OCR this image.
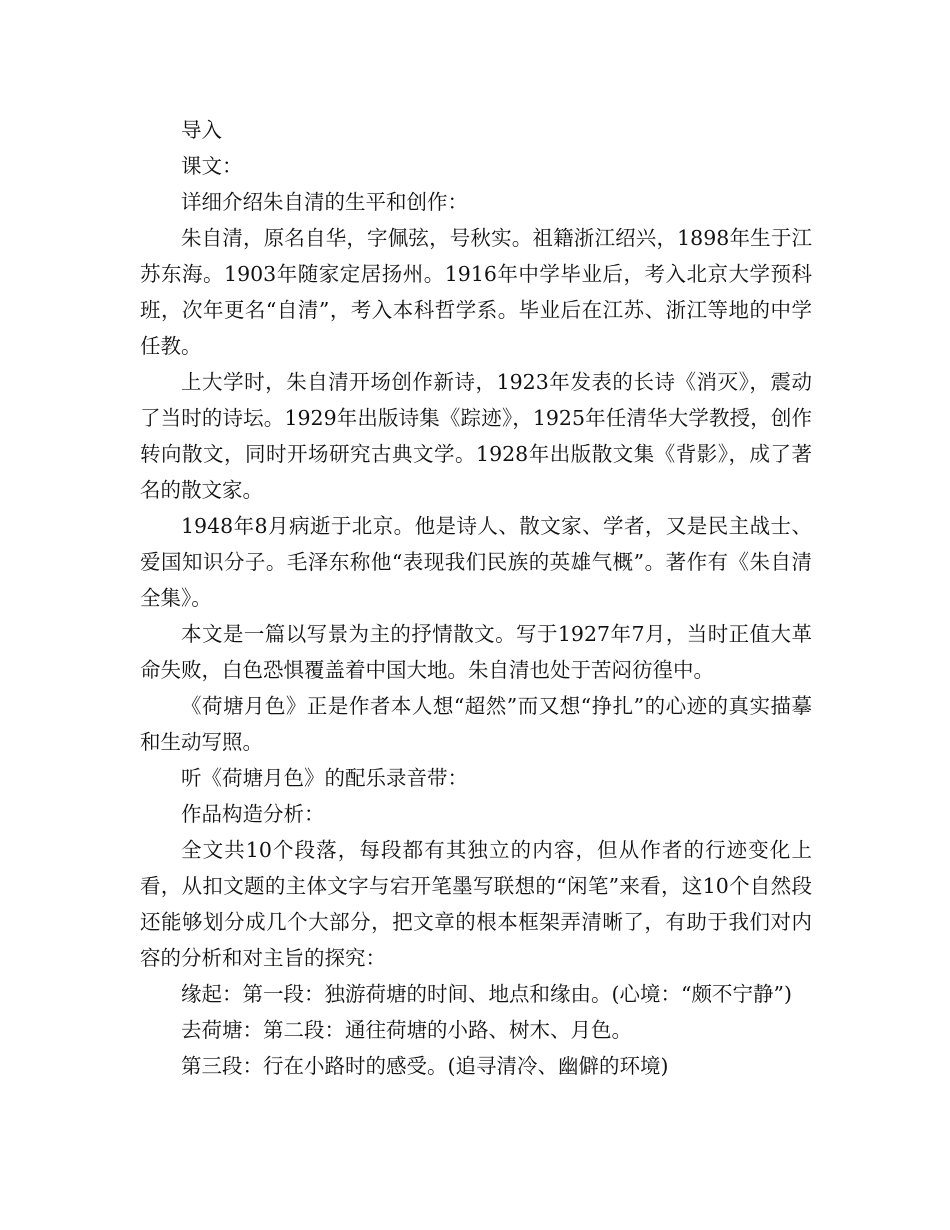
导入

课文：

详细介绍朱自清的生平和创作：

朱自清，原名自华，字佩弦，号秋实。祖籍浙江绍兴，1898年生于江苏东海。1903年随家定居扬州。1916年中学毕业后，考入北京大学预科班，次年更名“自清”，考入本科哲学系。毕业后在江苏、浙江等地的中学任教。

上大学时，朱自清开场创作新诗，1923年发表的长诗《消灭》，震动了当时的诗坛。1929年出版诗集《踪迹》，1925年任清华大学教授，创作转向散文，同时开场研究古典文学。1928年出版散文集《背影》，成了著名的散文家。

1948年8月病逝于北京。他是诗人、散文家、学者，又是民主战士、爱国知识分子。毛泽东称他“表现我们民族的英雄气概”。著作有《朱自清全集》。

本文是一篇以写景为主的抒情散文。写于1927年7月，当时正值大革命失败，白色恐惧覆盖着中国大地。朱自清也处于苦闷彷徨中。

《荷塘月色》正是作者本人想“超然”而又想“挣扎”的心迹的真实描摹和生动写照。

听《荷塘月色》的配乐录音带：

作品构造分析：

全文共10个段落，每段都有其独立的内容，但从作者的行迹变化上看，从扣文题的主体文字与宕开笔墨写联想的“闲笔”来看，这10个自然段还能够划分成几个大部分，把文章的根本框架弄清晰了，有助于我们对内容的分析和对主旨的探究：

缘起：第一段：独游荷塘的时间、地点和缘由。(心境：“颇不宁静”)

去荷塘：第二段：通往荷塘的小路、树木、月色。

第三段：行在小路时的感受。(追寻清冷、幽僻的环境)
